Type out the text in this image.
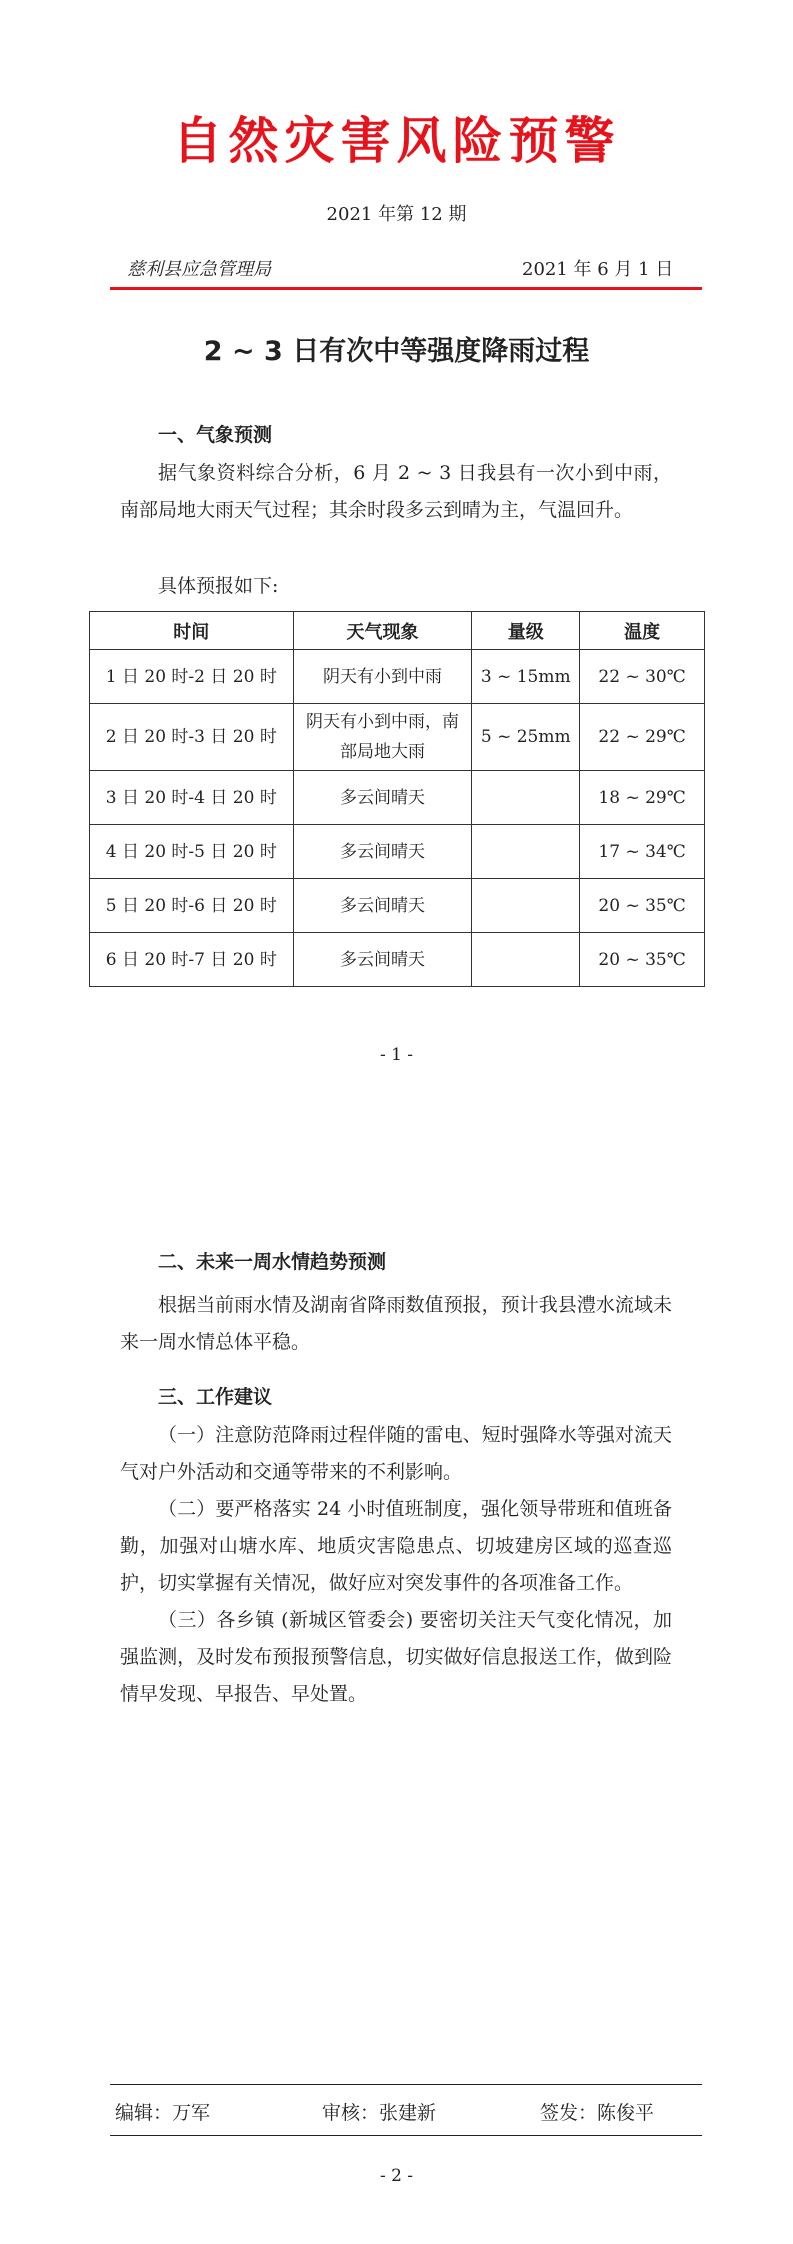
自然灾害风险预警
2021 年第 12 期
慈利县应急管理局	2021 年 6 月 1 日
2 ~ 3 日有次中等强度降雨过程
一、气象预测

据气象资料综合分析，6 月 2 ~ 3 日我县有一次小到中雨，南部局地大雨天气过程；其余时段多云到晴为主，气温回升。

具体预报如下:
时间	天气现象	量级	温度
1 日 20 时-2 日 20 时	阴天有小到中雨	3 ~ 15mm	22 ~ 30℃
2 日 20 时-3 日 20 时	阴天有小到中雨，南部局地大雨	5 ~ 25mm	22 ~ 29℃
3 日 20 时-4 日 20 时	多云间晴天		18 ~ 29℃
4 日 20 时-5 日 20 时	多云间晴天		17 ~ 34℃
5 日 20 时-6 日 20 时	多云间晴天		20 ~ 35℃
6 日 20 时-7 日 20 时	多云间晴天		20 ~ 35℃
- 1 -
二、未来一周水情趋势预测

根据当前雨水情及湖南省降雨数值预报，预计我县澧水流域未来一周水情总体平稳。

三、工作建议

（一）注意防范降雨过程伴随的雷电、短时强降水等强对流天气对户外活动和交通等带来的不利影响。

（二）要严格落实 24 小时值班制度，强化领导带班和值班备勤，加强对山塘水库、地质灾害隐患点、切坡建房区域的巡查巡护，切实掌握有关情况，做好应对突发事件的各项准备工作。

（三）各乡镇 (新城区管委会) 要密切关注天气变化情况，加强监测，及时发布预报预警信息，切实做好信息报送工作，做到险情早发现、早报告、早处置。

编辑：万军	审核：张建新	签发：陈俊平
- 2 -
